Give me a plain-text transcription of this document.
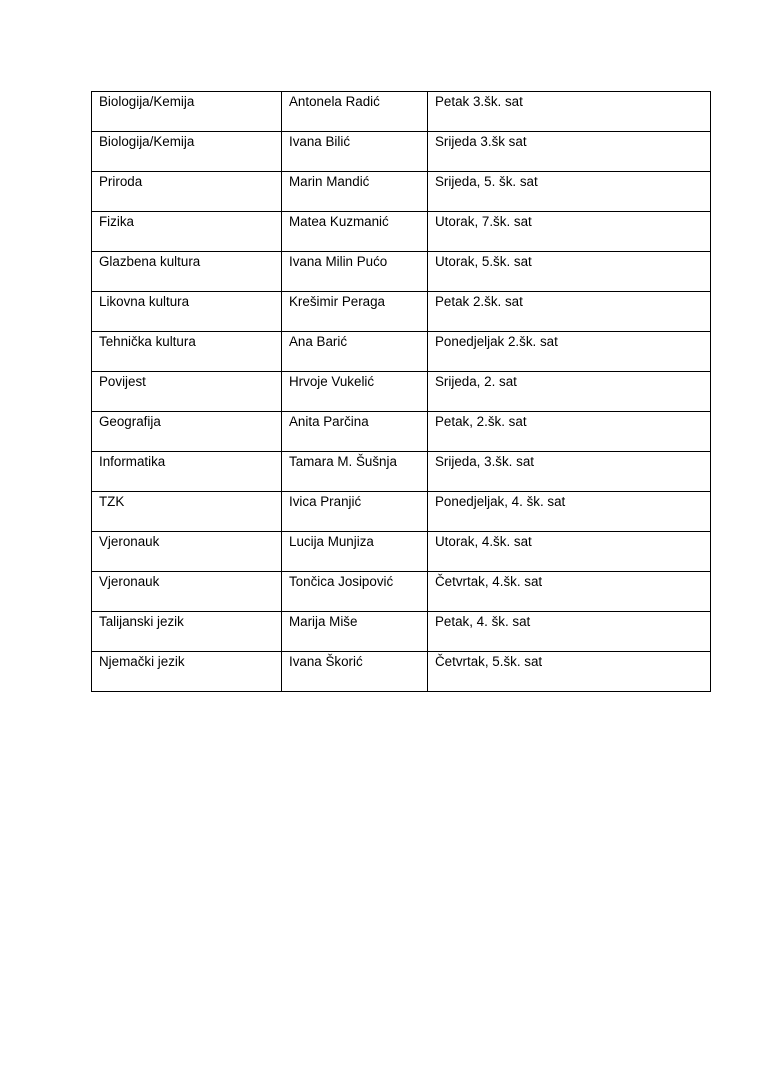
Biologija/Kemija	Antonela Radić	Petak 3.šk. sat
Biologija/Kemija	Ivana Bilić	Srijeda 3.šk sat
Priroda	Marin Mandić	Srijeda, 5. šk. sat
Fizika	Matea Kuzmanić	Utorak, 7.šk. sat
Glazbena kultura	Ivana Milin Pućo	Utorak, 5.šk. sat
Likovna kultura	Krešimir Peraga	Petak 2.šk. sat
Tehnička kultura	Ana Barić	Ponedjeljak 2.šk. sat
Povijest	Hrvoje Vukelić	Srijeda, 2. sat
Geografija	Anita Parčina	Petak, 2.šk. sat
Informatika	Tamara M. Šušnja	Srijeda, 3.šk. sat
TZK	Ivica Pranjić	Ponedjeljak, 4. šk. sat
Vjeronauk	Lucija Munjiza	Utorak, 4.šk. sat
Vjeronauk	Tončica Josipović	Četvrtak, 4.šk. sat
Talijanski jezik	Marija Miše	Petak, 4. šk. sat
Njemački jezik	Ivana Škorić	Četvrtak, 5.šk. sat
